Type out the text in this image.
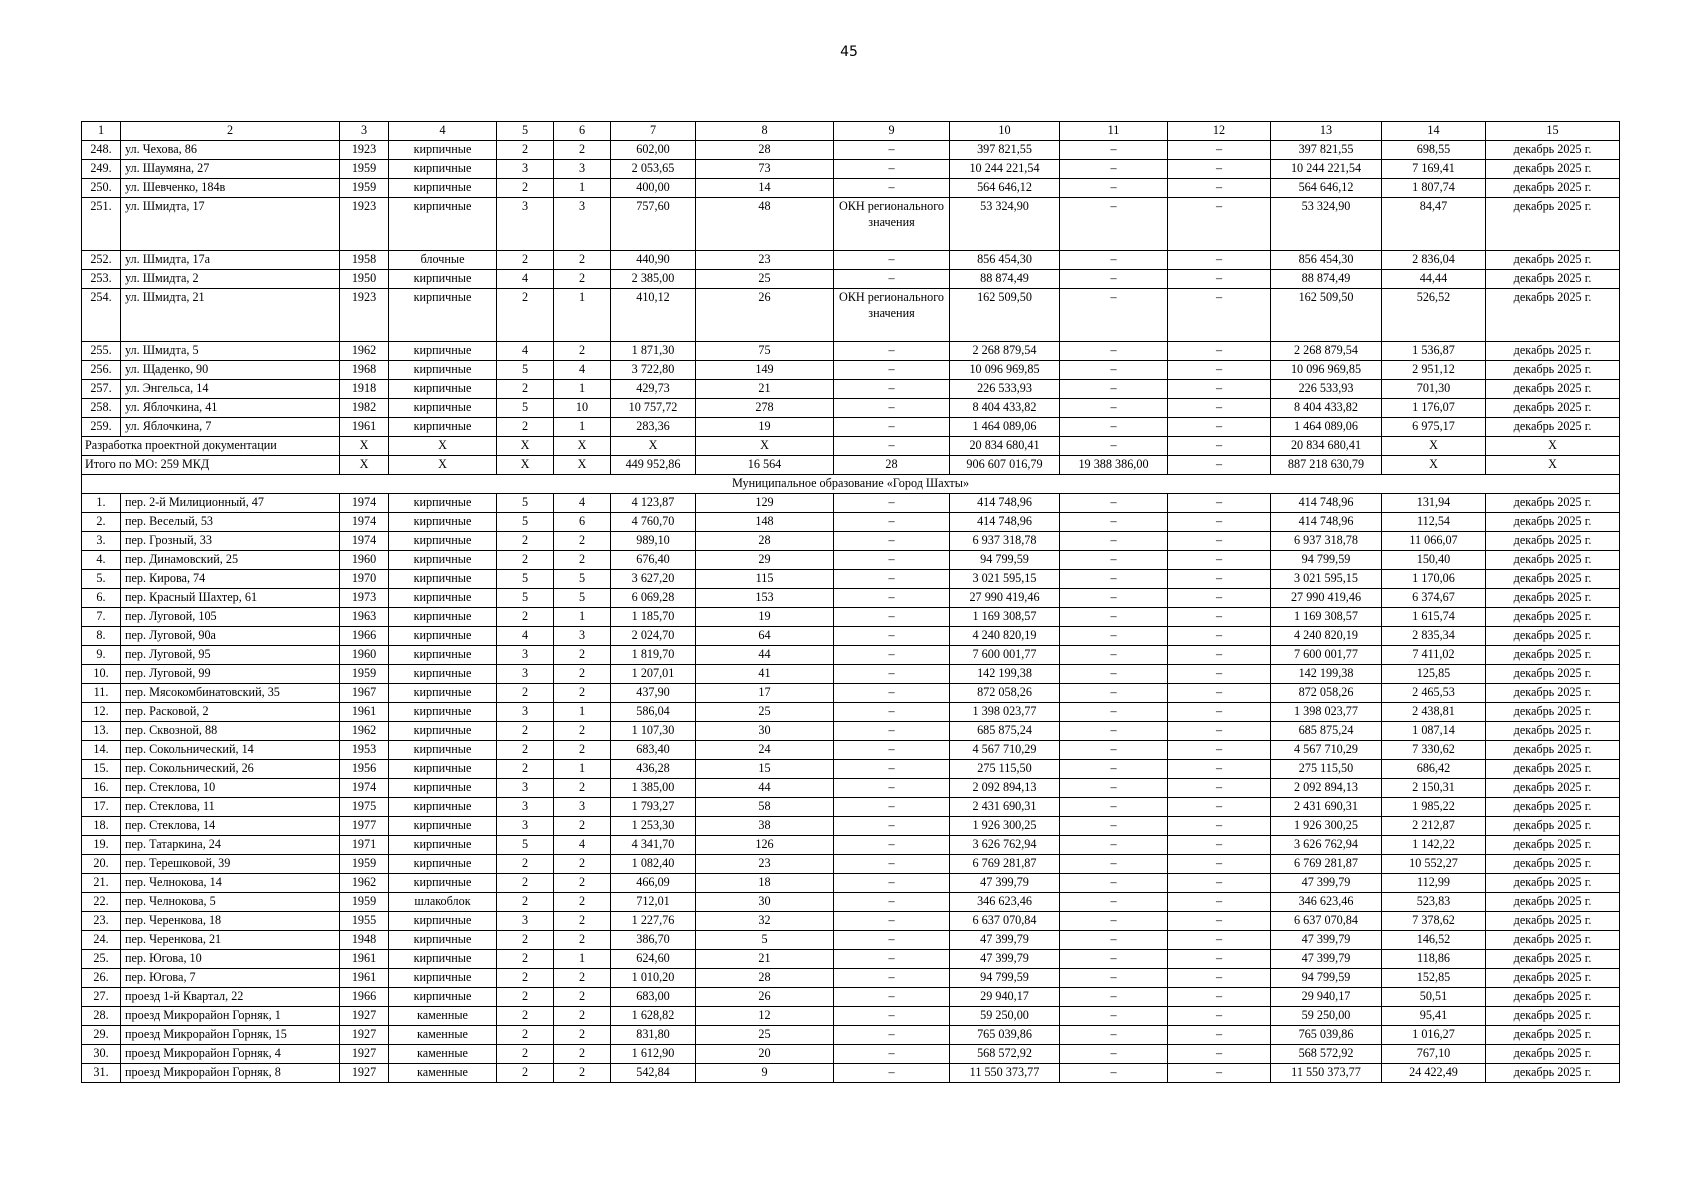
45
1	2	3	4	5	6	7	8	9	10	11	12	13	14	15
248.	ул. Чехова, 86	1923	кирпичные	2	2	602,00	28	–	397 821,55	–	–	397 821,55	698,55	декабрь 2025 г.
249.	ул. Шаумяна, 27	1959	кирпичные	3	3	2 053,65	73	–	10 244 221,54	–	–	10 244 221,54	7 169,41	декабрь 2025 г.
250.	ул. Шевченко, 184в	1959	кирпичные	2	1	400,00	14	–	564 646,12	–	–	564 646,12	1 807,74	декабрь 2025 г.
251.	ул. Шмидта, 17	1923	кирпичные	3	3	757,60	48	ОКН регионального значения	53 324,90	–	–	53 324,90	84,47	декабрь 2025 г.
252.	ул. Шмидта, 17а	1958	блочные	2	2	440,90	23	–	856 454,30	–	–	856 454,30	2 836,04	декабрь 2025 г.
253.	ул. Шмидта, 2	1950	кирпичные	4	2	2 385,00	25	–	88 874,49	–	–	88 874,49	44,44	декабрь 2025 г.
254.	ул. Шмидта, 21	1923	кирпичные	2	1	410,12	26	ОКН регионального значения	162 509,50	–	–	162 509,50	526,52	декабрь 2025 г.
255.	ул. Шмидта, 5	1962	кирпичные	4	2	1 871,30	75	–	2 268 879,54	–	–	2 268 879,54	1 536,87	декабрь 2025 г.
256.	ул. Щаденко, 90	1968	кирпичные	5	4	3 722,80	149	–	10 096 969,85	–	–	10 096 969,85	2 951,12	декабрь 2025 г.
257.	ул. Энгельса, 14	1918	кирпичные	2	1	429,73	21	–	226 533,93	–	–	226 533,93	701,30	декабрь 2025 г.
258.	ул. Яблочкина, 41	1982	кирпичные	5	10	10 757,72	278	–	8 404 433,82	–	–	8 404 433,82	1 176,07	декабрь 2025 г.
259.	ул. Яблочкина, 7	1961	кирпичные	2	1	283,36	19	–	1 464 089,06	–	–	1 464 089,06	6 975,17	декабрь 2025 г.
Разработка проектной документации		X	X	X	X	X	X	–	20 834 680,41	–	–	20 834 680,41	X	X
Итого по МО: 259 МКД		X	X	X	X	449 952,86	16 564	28	906 607 016,79	19 388 386,00	–	887 218 630,79	X	X
Муниципальное образование «Город Шахты»														
1.	пер. 2-й Милиционный, 47	1974	кирпичные	5	4	4 123,87	129	–	414 748,96	–	–	414 748,96	131,94	декабрь 2025 г.
2.	пер. Веселый, 53	1974	кирпичные	5	6	4 760,70	148	–	414 748,96	–	–	414 748,96	112,54	декабрь 2025 г.
3.	пер. Грозный, 33	1974	кирпичные	2	2	989,10	28	–	6 937 318,78	–	–	6 937 318,78	11 066,07	декабрь 2025 г.
4.	пер. Динамовский, 25	1960	кирпичные	2	2	676,40	29	–	94 799,59	–	–	94 799,59	150,40	декабрь 2025 г.
5.	пер. Кирова, 74	1970	кирпичные	5	5	3 627,20	115	–	3 021 595,15	–	–	3 021 595,15	1 170,06	декабрь 2025 г.
6.	пер. Красный Шахтер, 61	1973	кирпичные	5	5	6 069,28	153	–	27 990 419,46	–	–	27 990 419,46	6 374,67	декабрь 2025 г.
7.	пер. Луговой, 105	1963	кирпичные	2	1	1 185,70	19	–	1 169 308,57	–	–	1 169 308,57	1 615,74	декабрь 2025 г.
8.	пер. Луговой, 90а	1966	кирпичные	4	3	2 024,70	64	–	4 240 820,19	–	–	4 240 820,19	2 835,34	декабрь 2025 г.
9.	пер. Луговой, 95	1960	кирпичные	3	2	1 819,70	44	–	7 600 001,77	–	–	7 600 001,77	7 411,02	декабрь 2025 г.
10.	пер. Луговой, 99	1959	кирпичные	3	2	1 207,01	41	–	142 199,38	–	–	142 199,38	125,85	декабрь 2025 г.
11.	пер. Мясокомбинатовский, 35	1967	кирпичные	2	2	437,90	17	–	872 058,26	–	–	872 058,26	2 465,53	декабрь 2025 г.
12.	пер. Расковой, 2	1961	кирпичные	3	1	586,04	25	–	1 398 023,77	–	–	1 398 023,77	2 438,81	декабрь 2025 г.
13.	пер. Сквозной, 88	1962	кирпичные	2	2	1 107,30	30	–	685 875,24	–	–	685 875,24	1 087,14	декабрь 2025 г.
14.	пер. Сокольнический, 14	1953	кирпичные	2	2	683,40	24	–	4 567 710,29	–	–	4 567 710,29	7 330,62	декабрь 2025 г.
15.	пер. Сокольнический, 26	1956	кирпичные	2	1	436,28	15	–	275 115,50	–	–	275 115,50	686,42	декабрь 2025 г.
16.	пер. Стеклова, 10	1974	кирпичные	3	2	1 385,00	44	–	2 092 894,13	–	–	2 092 894,13	2 150,31	декабрь 2025 г.
17.	пер. Стеклова, 11	1975	кирпичные	3	3	1 793,27	58	–	2 431 690,31	–	–	2 431 690,31	1 985,22	декабрь 2025 г.
18.	пер. Стеклова, 14	1977	кирпичные	3	2	1 253,30	38	–	1 926 300,25	–	–	1 926 300,25	2 212,87	декабрь 2025 г.
19.	пер. Татаркина, 24	1971	кирпичные	5	4	4 341,70	126	–	3 626 762,94	–	–	3 626 762,94	1 142,22	декабрь 2025 г.
20.	пер. Терешковой, 39	1959	кирпичные	2	2	1 082,40	23	–	6 769 281,87	–	–	6 769 281,87	10 552,27	декабрь 2025 г.
21.	пер. Челнокова, 14	1962	кирпичные	2	2	466,09	18	–	47 399,79	–	–	47 399,79	112,99	декабрь 2025 г.
22.	пер. Челнокова, 5	1959	шлакоблок	2	2	712,01	30	–	346 623,46	–	–	346 623,46	523,83	декабрь 2025 г.
23.	пер. Черенкова, 18	1955	кирпичные	3	2	1 227,76	32	–	6 637 070,84	–	–	6 637 070,84	7 378,62	декабрь 2025 г.
24.	пер. Черенкова, 21	1948	кирпичные	2	2	386,70	5	–	47 399,79	–	–	47 399,79	146,52	декабрь 2025 г.
25.	пер. Югова, 10	1961	кирпичные	2	1	624,60	21	–	47 399,79	–	–	47 399,79	118,86	декабрь 2025 г.
26.	пер. Югова, 7	1961	кирпичные	2	2	1 010,20	28	–	94 799,59	–	–	94 799,59	152,85	декабрь 2025 г.
27.	проезд 1-й Квартал, 22	1966	кирпичные	2	2	683,00	26	–	29 940,17	–	–	29 940,17	50,51	декабрь 2025 г.
28.	проезд Микрорайон Горняк, 1	1927	каменные	2	2	1 628,82	12	–	59 250,00	–	–	59 250,00	95,41	декабрь 2025 г.
29.	проезд Микрорайон Горняк, 15	1927	каменные	2	2	831,80	25	–	765 039,86	–	–	765 039,86	1 016,27	декабрь 2025 г.
30.	проезд Микрорайон Горняк, 4	1927	каменные	2	2	1 612,90	20	–	568 572,92	–	–	568 572,92	767,10	декабрь 2025 г.
31.	проезд Микрорайон Горняк, 8	1927	каменные	2	2	542,84	9	–	11 550 373,77	–	–	11 550 373,77	24 422,49	декабрь 2025 г.
